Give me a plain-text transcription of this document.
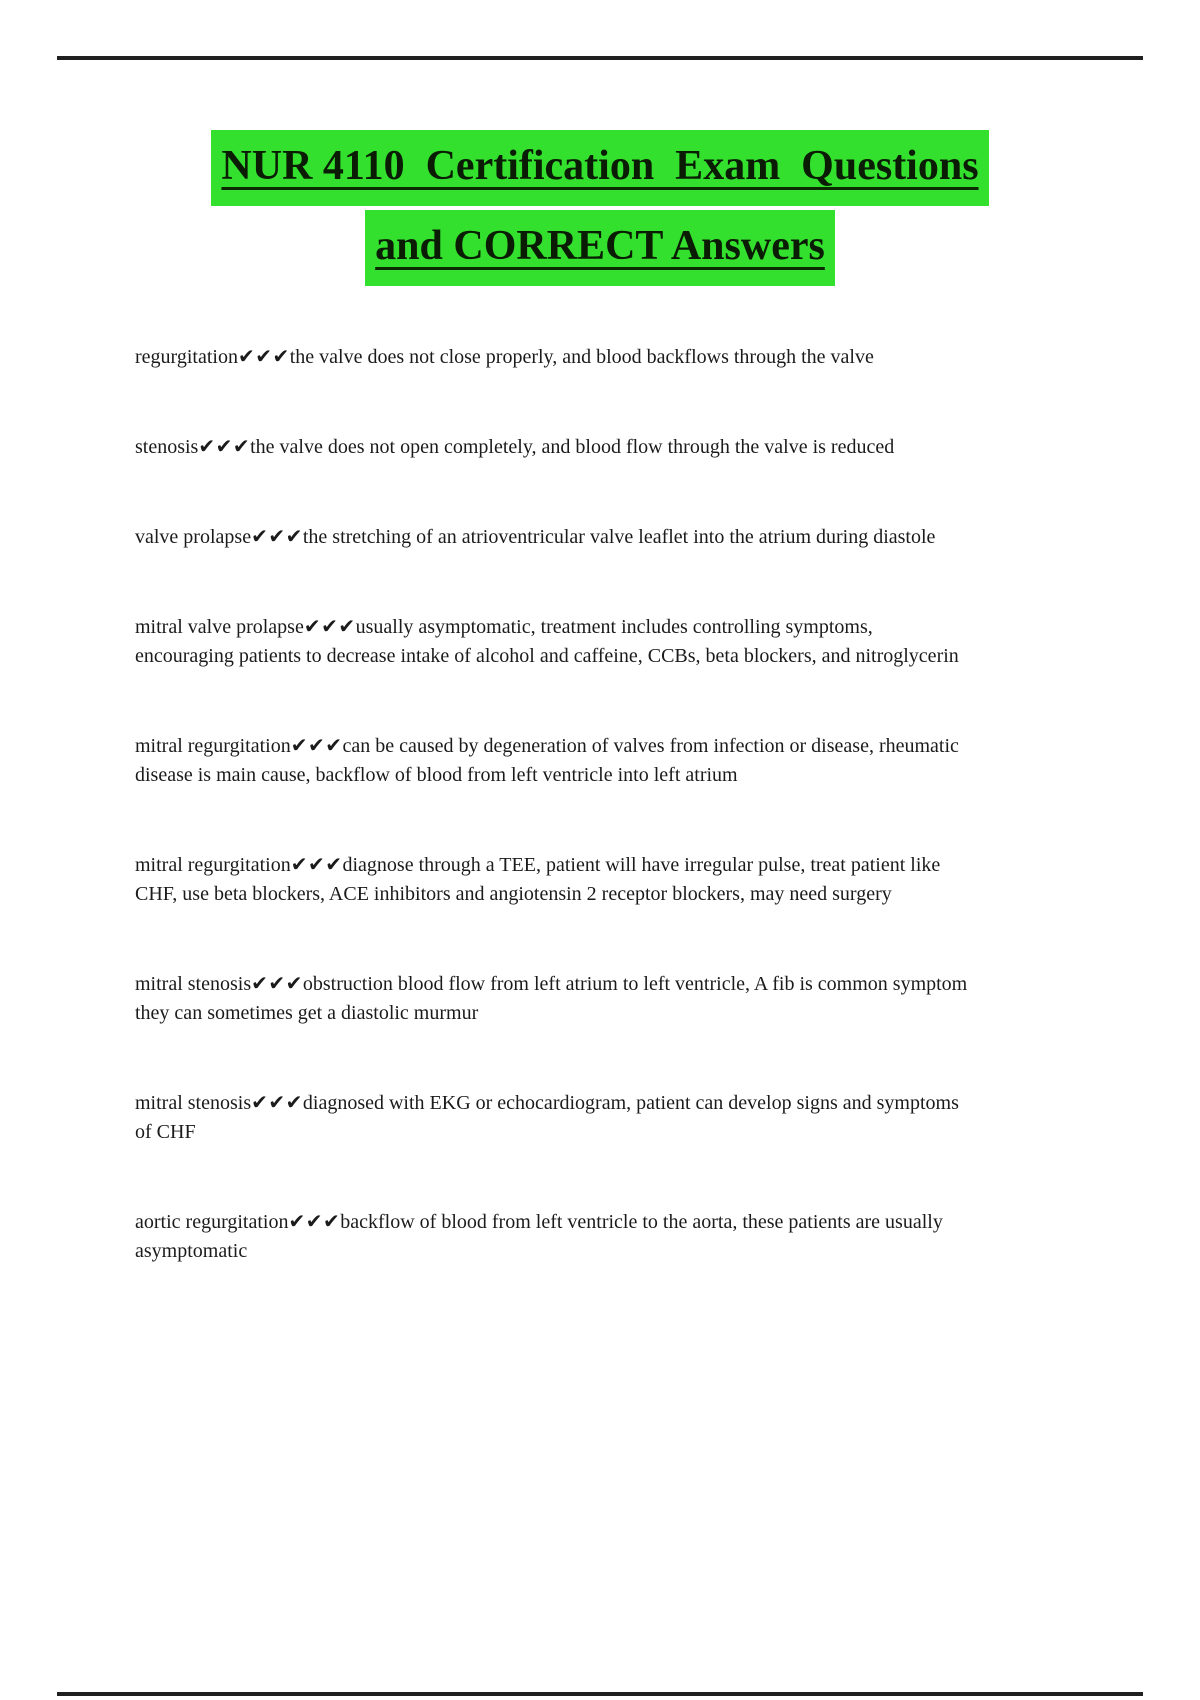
NUR 4110  Certification  Exam  Questions
and CORRECT Answers

regurgitation✔✔✔the valve does not close properly, and blood backflows through the valve

stenosis✔✔✔the valve does not open completely, and blood flow through the valve is reduced

valve prolapse✔✔✔the stretching of an atrioventricular valve leaflet into the atrium during diastole

mitral valve prolapse✔✔✔usually asymptomatic, treatment includes controlling symptoms, encouraging patients to decrease intake of alcohol and caffeine, CCBs, beta blockers, and nitroglycerin

mitral regurgitation✔✔✔can be caused by degeneration of valves from infection or disease, rheumatic disease is main cause, backflow of blood from left ventricle into left atrium

mitral regurgitation✔✔✔diagnose through a TEE, patient will have irregular pulse, treat patient like CHF, use beta blockers, ACE inhibitors and angiotensin 2 receptor blockers, may need surgery

mitral stenosis✔✔✔obstruction blood flow from left atrium to left ventricle, A fib is common symptom they can sometimes get a diastolic murmur

mitral stenosis✔✔✔diagnosed with EKG or echocardiogram, patient can develop signs and symptoms of CHF

aortic regurgitation✔✔✔backflow of blood from left ventricle to the aorta, these patients are usually asymptomatic
